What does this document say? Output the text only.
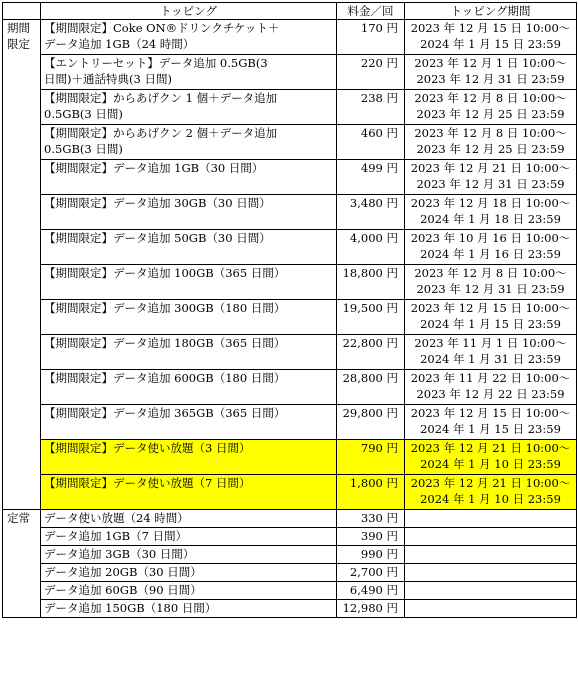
	トッピング	料金／回	トッピング期間
期間
限定	【期間限定】Coke ON®ドリンクチケット＋
データ追加 1GB（24 時間）	170 円	2023 年 12 月 15 日 10:00～
2024 年 1 月 15 日 23:59
	【エントリーセット】データ追加 0.5GB(3
日間)＋通話特典(3 日間)	220 円	2023 年 12 月 1 日 10:00～
2023 年 12 月 31 日 23:59
	【期間限定】からあげクン 1 個＋データ追加
0.5GB(3 日間)	238 円	2023 年 12 月 8 日 10:00～
2023 年 12 月 25 日 23:59
	【期間限定】からあげクン 2 個＋データ追加
0.5GB(3 日間)	460 円	2023 年 12 月 8 日 10:00～
2023 年 12 月 25 日 23:59
	【期間限定】データ追加 1GB（30 日間）	499 円	2023 年 12 月 21 日 10:00～
2023 年 12 月 31 日 23:59
	【期間限定】データ追加 30GB（30 日間）	3,480 円	2023 年 12 月 18 日 10:00～
2024 年 1 月 18 日 23:59
	【期間限定】データ追加 50GB（30 日間）	4,000 円	2023 年 10 月 16 日 10:00～
2024 年 1 月 16 日 23:59
	【期間限定】データ追加 100GB（365 日間）	18,800 円	2023 年 12 月 8 日 10:00～
2023 年 12 月 31 日 23:59
	【期間限定】データ追加 300GB（180 日間）	19,500 円	2023 年 12 月 15 日 10:00～
2024 年 1 月 15 日 23:59
	【期間限定】データ追加 180GB（365 日間）	22,800 円	2023 年 11 月 1 日 10:00～
2024 年 1 月 31 日 23:59
	【期間限定】データ追加 600GB（180 日間）	28,800 円	2023 年 11 月 22 日 10:00～
2023 年 12 月 22 日 23:59
	【期間限定】データ追加 365GB（365 日間）	29,800 円	2023 年 12 月 15 日 10:00～
2024 年 1 月 15 日 23:59
	【期間限定】データ使い放題（3 日間）	790 円	2023 年 12 月 21 日 10:00～
2024 年 1 月 10 日 23:59
	【期間限定】データ使い放題（7 日間）	1,800 円	2023 年 12 月 21 日 10:00～
2024 年 1 月 10 日 23:59
定常	データ使い放題（24 時間）	330 円	
	データ追加 1GB（7 日間）	390 円	
	データ追加 3GB（30 日間）	990 円	
	データ追加 20GB（30 日間）	2,700 円	
	データ追加 60GB（90 日間）	6,490 円	
	データ追加 150GB（180 日間）	12,980 円	
